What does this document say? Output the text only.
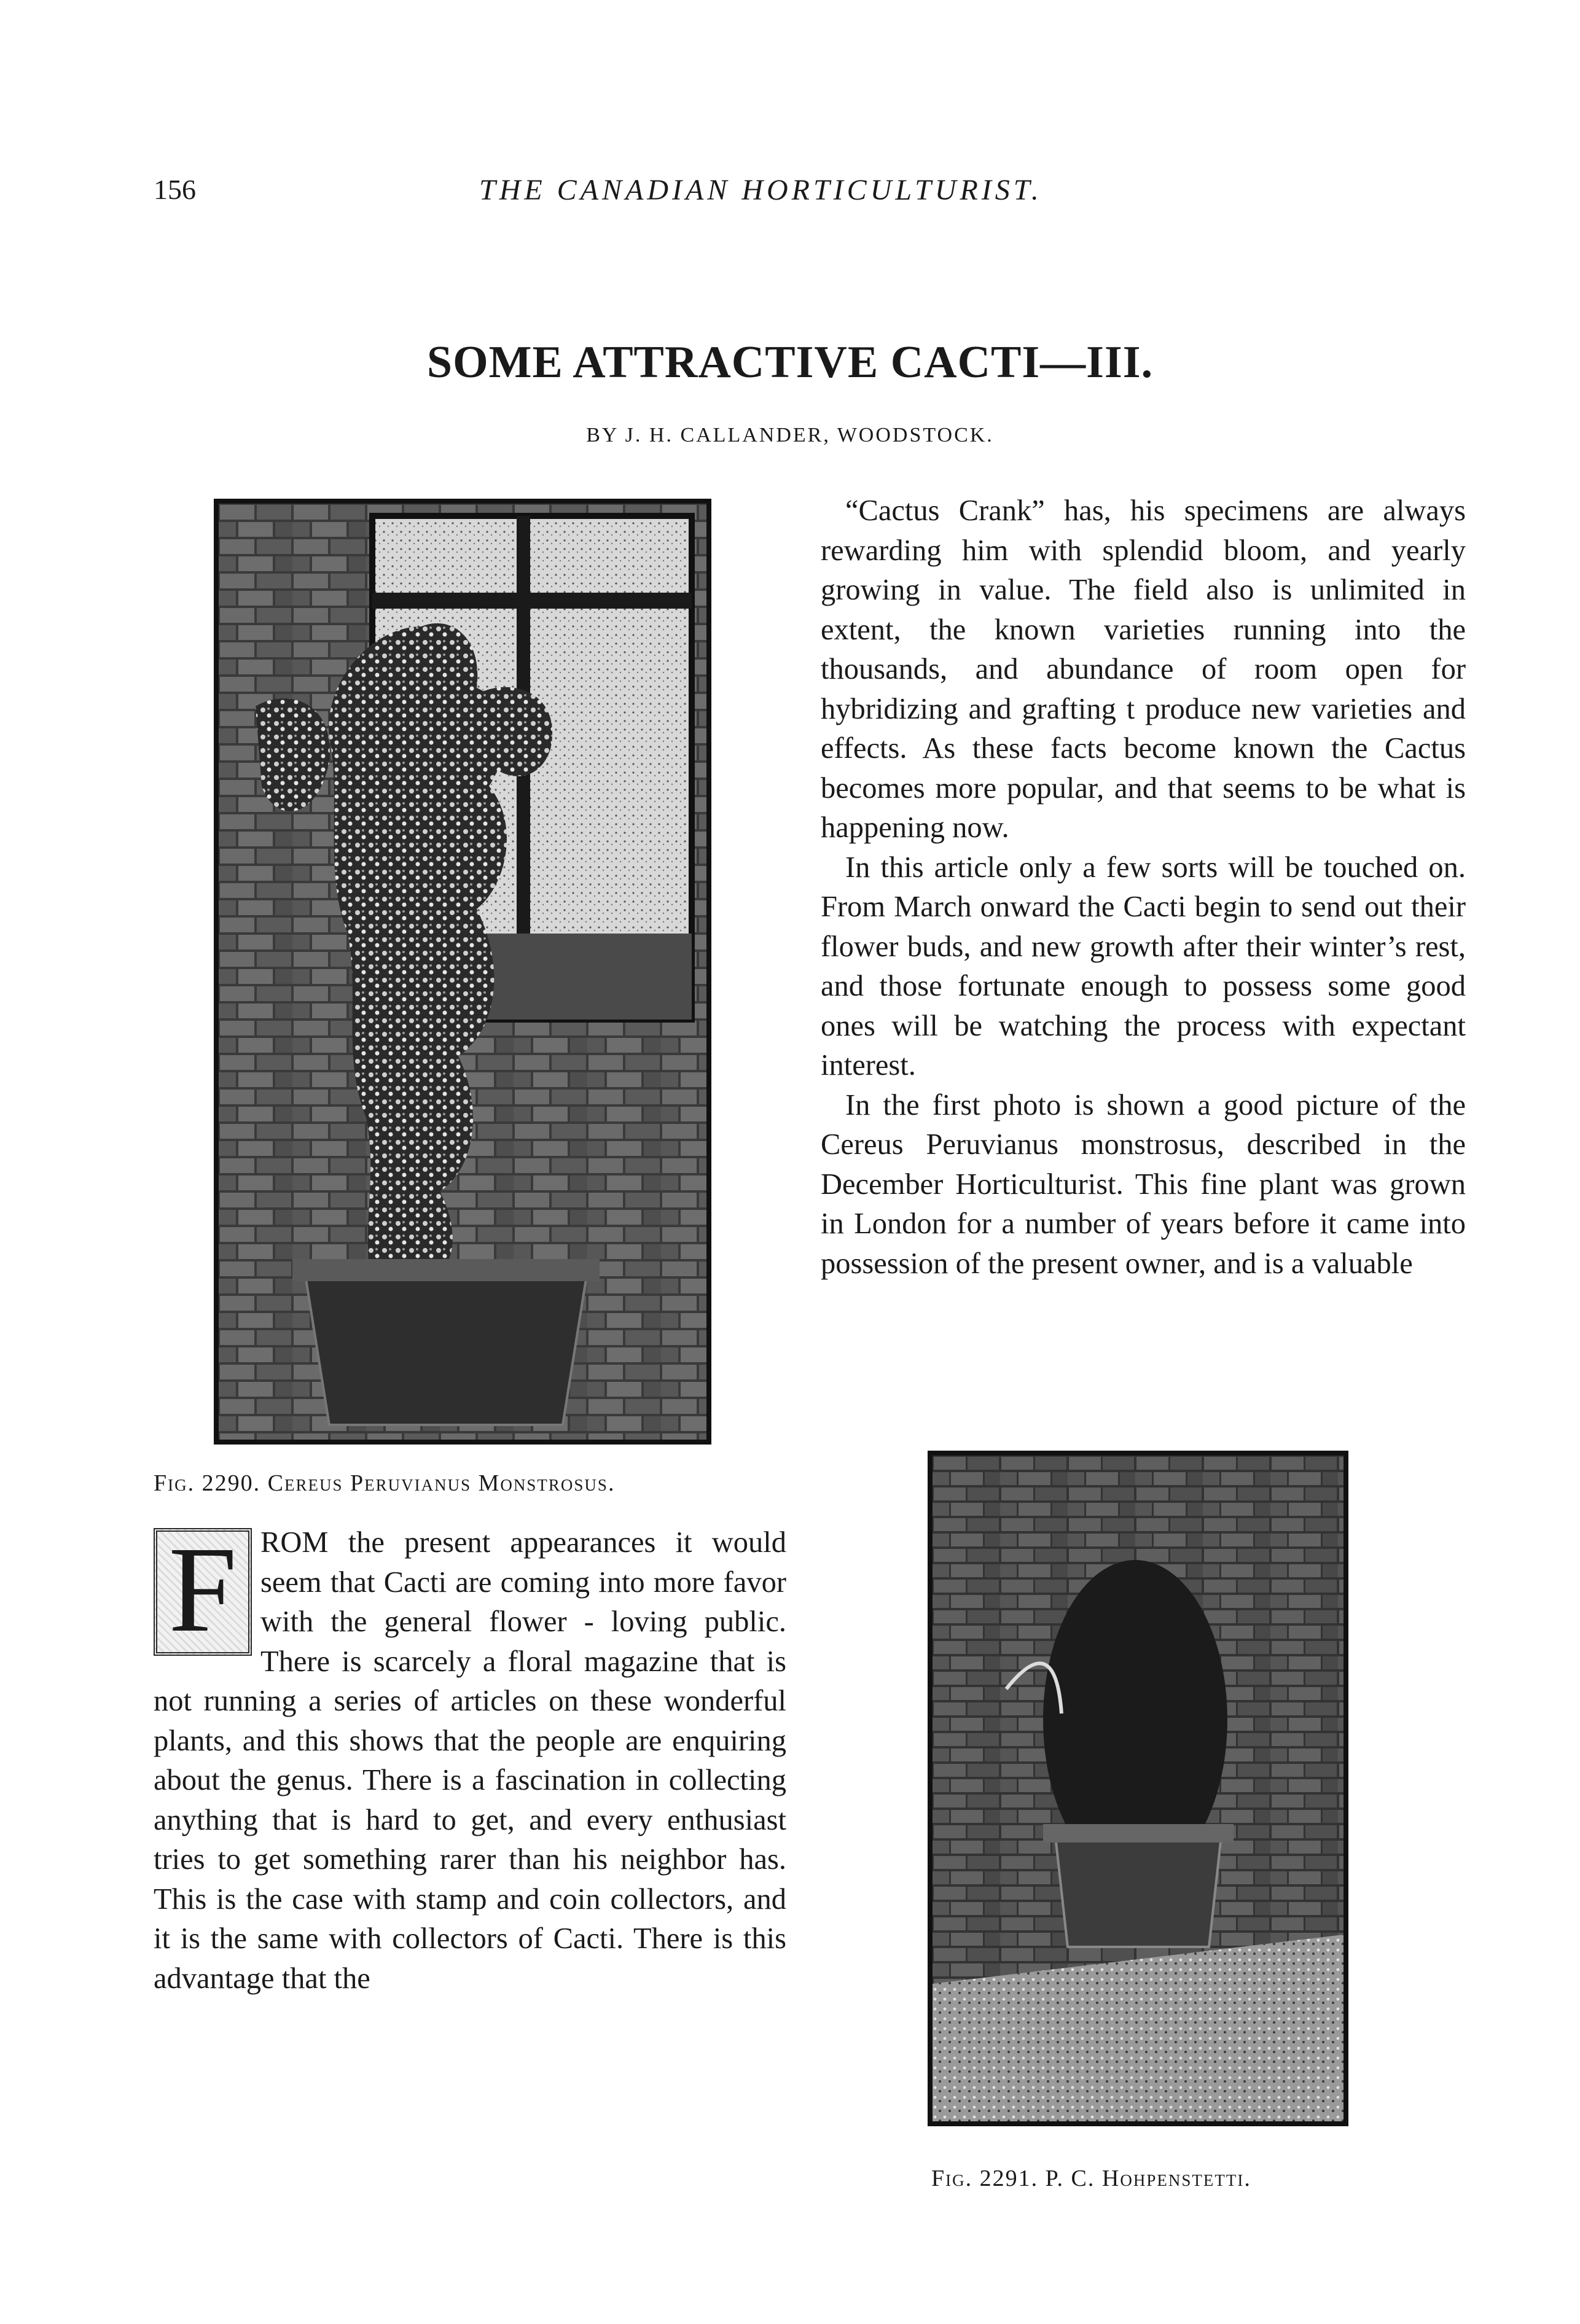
156	THE CANADIAN HORTICULTURIST.
SOME ATTRACTIVE CACTI—III.
BY J. H. CALLANDER, WOODSTOCK.
Fig. 2290. Cereus Peruvianus Monstrosus.
Fig. 2291. P. C. Hohpenstetti.

“Cactus Crank” has, his specimens are always rewarding him with splendid bloom, and yearly growing in value. The field also is unlimited in extent, the known varieties running into the thousands, and abundance of room open for hybridizing and grafting t produce new varieties and effects. As these facts become known the Cactus becomes more popular, and that seems to be what is happening now.

In this article only a few sorts will be touched on. From March onward the Cacti begin to send out their flower buds, and new growth after their winter’s rest, and those fortunate enough to possess some good ones will be watching the process with expectant interest.

In the first photo is shown a good picture of the Cereus Peruvianus monstrosus, described in the December Horticulturist. This fine plant was grown in London for a number of years before it came into possession of the present owner, and is a valuable

F ROM the present appearances it would seem that Cacti are coming into more favor with the general flower - loving public. There is scarcely a floral magazine that is not running a series of articles on these wonderful plants, and this shows that the people are enquiring about the genus. There is a fascination in collecting anything that is hard to get, and every enthusiast tries to get something rarer than his neighbor has. This is the case with stamp and coin collectors, and it is the same with collectors of Cacti. There is this advantage that the
